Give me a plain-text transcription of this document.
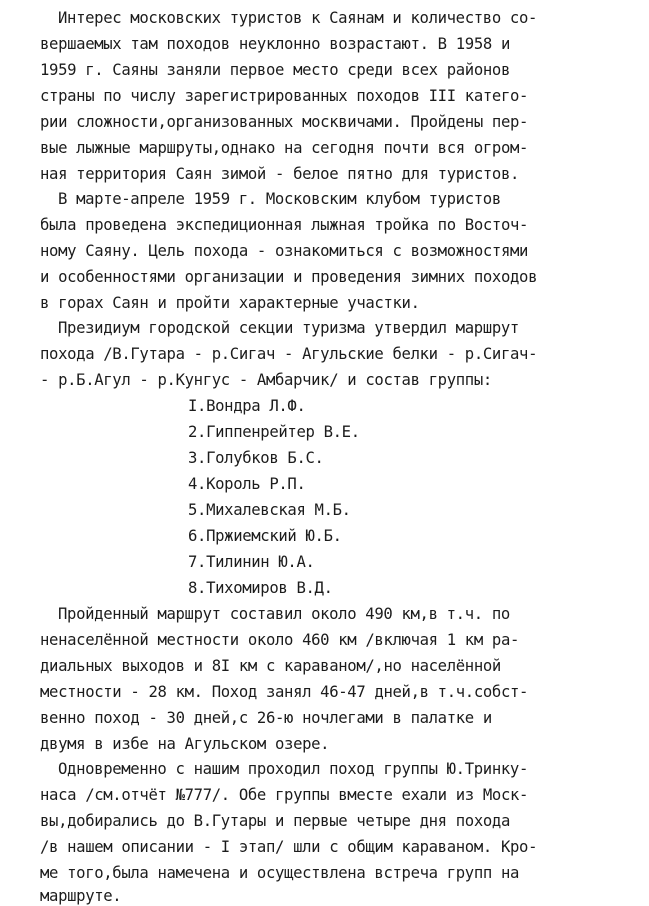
Интерес московских туристов к Саянам и количество со-
вершаемых там походов неуклонно возрастают. В 1958 и
1959 г. Саяны заняли первое место среди всех районов
страны по числу зарегистрированных походов III катего-
рии сложности,организованных москвичами. Пройдены пер-
вые лыжные маршруты,однако на сегодня почти вся огром-
ная территория Саян зимой - белое пятно для туристов.
В марте-апреле 1959 г. Московским клубом туристов
была проведена экспедиционная лыжная тройка по Восточ-
ному Саяну. Цель похода - ознакомиться с возможностями
и особенностями организации и проведения зимних походов
в горах Саян и пройти характерные участки.
Президиум городской секции туризма утвердил маршрут
похода /В.Гутара - р.Сигач - Агульские белки - р.Сигач-
- р.Б.Агул - р.Кунгус - Амбарчик/ и состав группы:
I.Вондра Л.Ф.
2.Гиппенрейтер В.Е.
3.Голубков Б.С.
4.Король Р.П.
5.Михалевская М.Б.
6.Пржиемский Ю.Б.
7.Тилинин Ю.А.
8.Тихомиров В.Д.
Пройденный маршрут составил около 490 км,в т.ч. по
ненаселённой местности около 460 км /включая 1 км ра-
диальных выходов и 8I км с караваном/,но населённой
местности - 28 км. Поход занял 46-47 дней,в т.ч.собст-
венно поход - 30 дней,с 26-ю ночлегами в палатке и
двумя в избе на Агульском озере.
Одновременно с нашим проходил поход группы Ю.Тринку-
наса /см.отчёт №777/. Обе группы вместе ехали из Моск-
вы,добирались до В.Гутары и первые четыре дня похода
/в нашем описании - I этап/ шли с общим караваном. Кро-
ме того,была намечена и осуществлена встреча групп на
маршруте.
